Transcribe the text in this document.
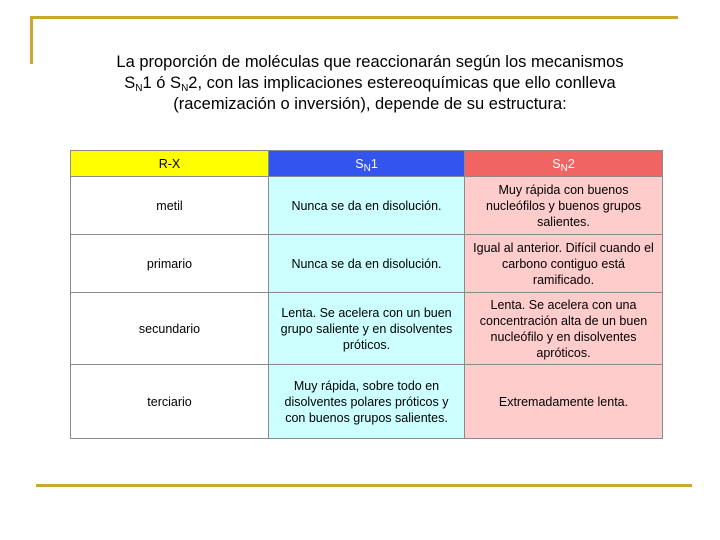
La proporción de moléculas que reaccionarán según los mecanismos
$S_N1$ ó $S_N2$, con las implicaciones estereoquímicas que ello conlleva
(racemización o inversión), depende de su estructura:
R-X	$S_N1$	$S_N2$
metil	Nunca se da en disolución.	Muy rápida con buenos nucleófilos y buenos grupos salientes.
primario	Nunca se da en disolución.	Igual al anterior. Difícil cuando el carbono contiguo está ramificado.
secundario	Lenta. Se acelera con un buen grupo saliente y en disolventes próticos.	Lenta. Se acelera con una concentración alta de un buen nucleófilo y en disolventes apróticos.
terciario	Muy rápida, sobre todo en disolventes polares próticos y con buenos grupos salientes.	Extremadamente lenta.
